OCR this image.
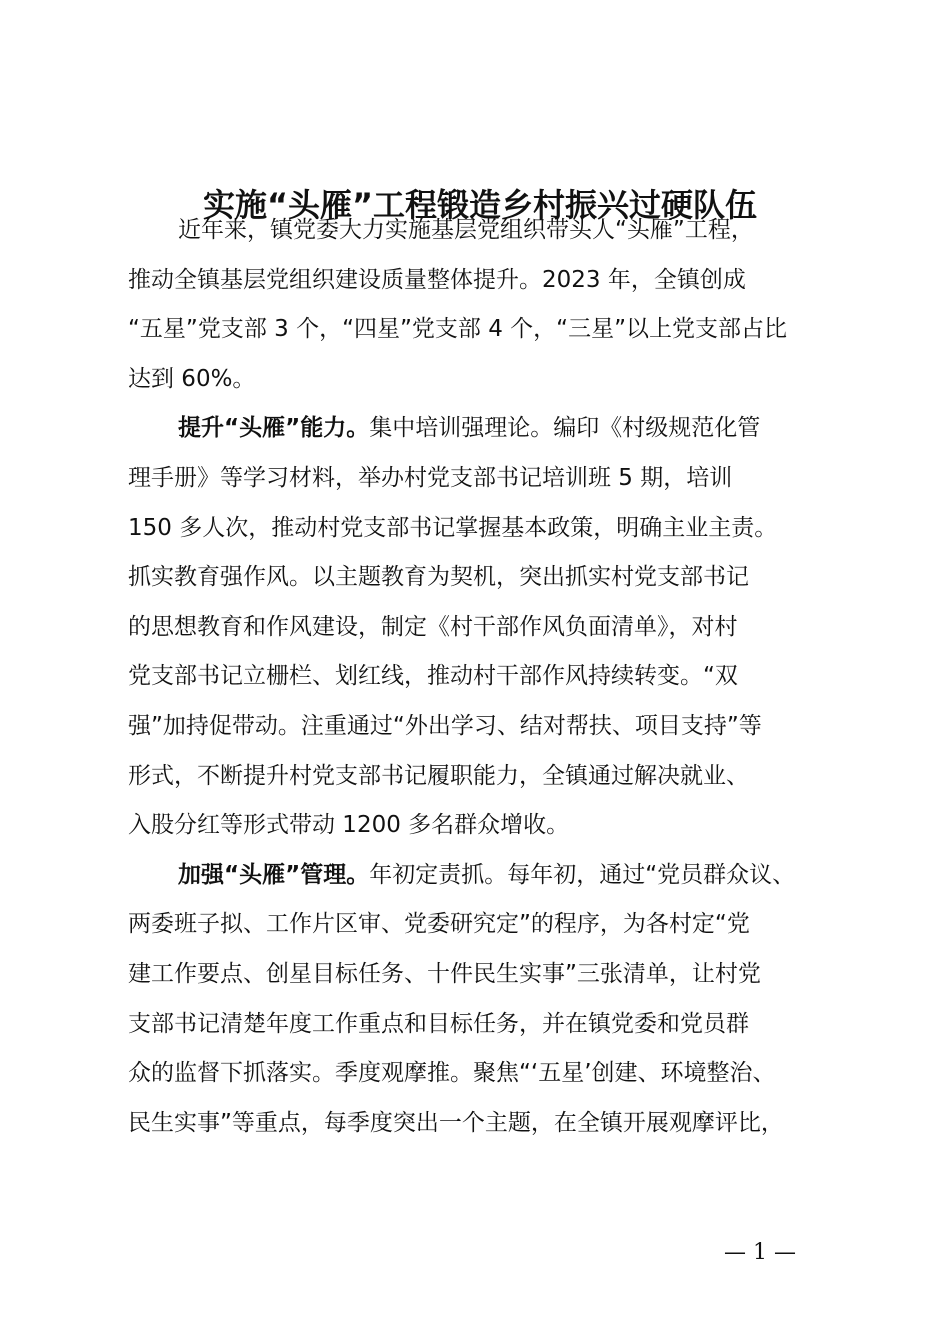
实施“头雁”工程锻造乡村振兴过硬队伍

近年来，镇党委大力实施基层党组织带头人“头雁”工程，
推动全镇基层党组织建设质量整体提升。2023 年，全镇创成
“五星”党支部 3 个，“四星”党支部 4 个，“三星”以上党支部占比
达到 60%。

提升“头雁”能力。集中培训强理论。编印《村级规范化管
理手册》等学习材料，举办村党支部书记培训班 5 期，培训
150 多人次，推动村党支部书记掌握基本政策，明确主业主责。
抓实教育强作风。以主题教育为契机，突出抓实村党支部书记
的思想教育和作风建设，制定《村干部作风负面清单》，对村
党支部书记立栅栏、划红线，推动村干部作风持续转变。“双
强”加持促带动。注重通过“外出学习、结对帮扶、项目支持”等
形式，不断提升村党支部书记履职能力，全镇通过解决就业、
入股分红等形式带动 1200 多名群众增收。

加强“头雁”管理。年初定责抓。每年初，通过“党员群众议、
两委班子拟、工作片区审、党委研究定”的程序，为各村定“党
建工作要点、创星目标任务、十件民生实事”三张清单，让村党
支部书记清楚年度工作重点和目标任务，并在镇党委和党员群
众的监督下抓落实。季度观摩推。聚焦“‘五星’创建、环境整治、
民生实事”等重点，每季度突出一个主题，在全镇开展观摩评比，

— 1 —
